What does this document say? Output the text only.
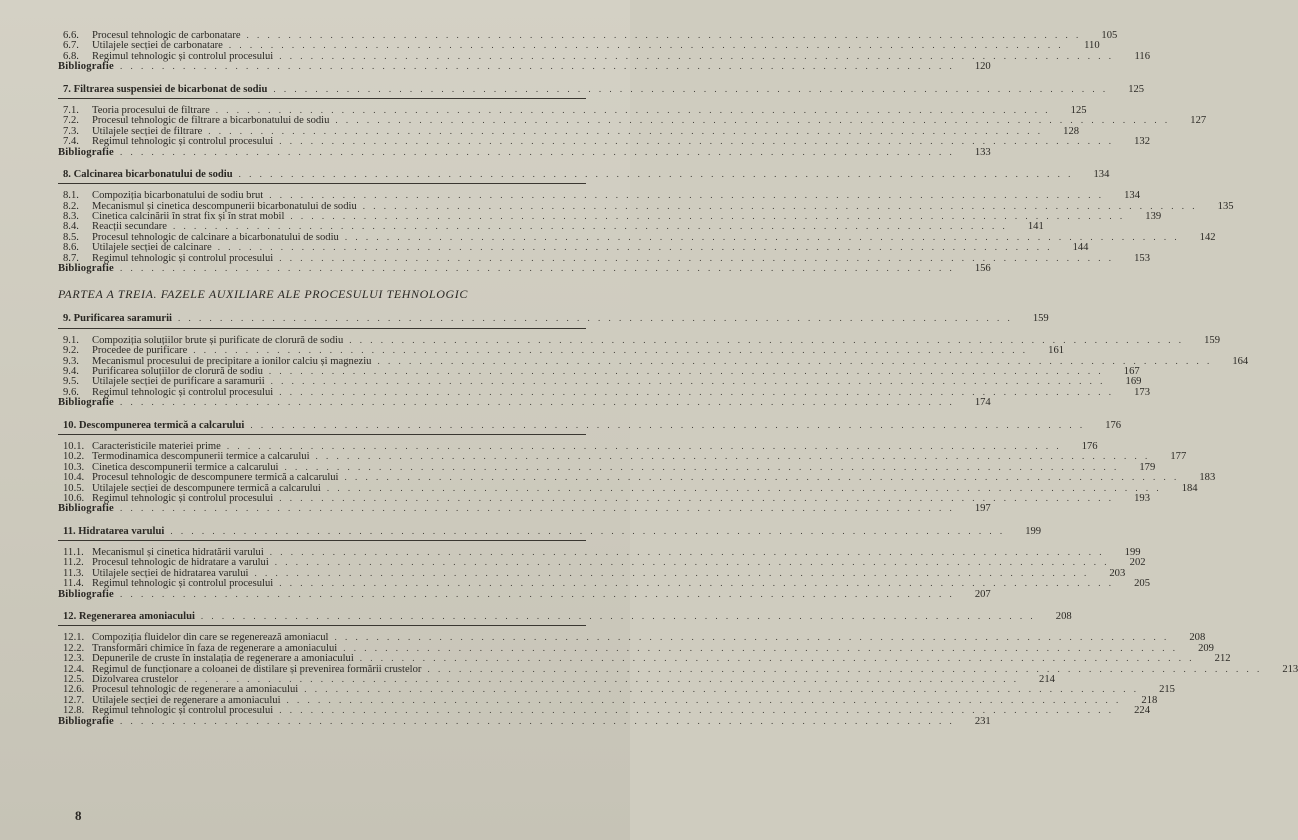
6.6.	Procesul tehnologic de carbonatare . . . . . . . . . . . . . . . . . . . . . . . . . . . . . . . . . . . . . . . . . . . . . . . . . . . . . . . . . . . . . . . . . . . . . . . . . . . . . . . .	105
6.7.	Utilajele secției de carbonatare . . . . . . . . . . . . . . . . . . . . . . . . . . . . . . . . . . . . . . . . . . . . . . . . . . . . . . . . . . . . . . . . . . . . . . . . . . . . . . . .	110
6.8.	Regimul tehnologic și controlul procesului . . . . . . . . . . . . . . . . . . . . . . . . . . . . . . . . . . . . . . . . . . . . . . . . . . . . . . . . . . . . . . . . . . . . . . . . . . . . . . . .	116
Bibliografie . . . . . . . . . . . . . . . . . . . . . . . . . . . . . . . . . . . . . . . . . . . . . . . . . . . . . . . . . . . . . . . . . . . . . . . . . . . . . . . .	120
7. Filtrarea suspensiei de bicarbonat de sodiu . . . . . . . . . . . . . . . . . . . . . . . . . . . . . . . . . . . . . . . . . . . . . . . . . . . . . . . . . . . . . . . . . . . . . . . . . . . . . . . .	125
7.1.	Teoria procesului de filtrare . . . . . . . . . . . . . . . . . . . . . . . . . . . . . . . . . . . . . . . . . . . . . . . . . . . . . . . . . . . . . . . . . . . . . . . . . . . . . . . .	125
7.2.	Procesul tehnologic de filtrare a bicarbonatului de sodiu . . . . . . . . . . . . . . . . . . . . . . . . . . . . . . . . . . . . . . . . . . . . . . . . . . . . . . . . . . . . . . . . . . . . . . . . . . . . . . . .	127
7.3.	Utilajele secției de filtrare . . . . . . . . . . . . . . . . . . . . . . . . . . . . . . . . . . . . . . . . . . . . . . . . . . . . . . . . . . . . . . . . . . . . . . . . . . . . . . . .	128
7.4.	Regimul tehnologic și controlul procesului . . . . . . . . . . . . . . . . . . . . . . . . . . . . . . . . . . . . . . . . . . . . . . . . . . . . . . . . . . . . . . . . . . . . . . . . . . . . . . . .	132
Bibliografie . . . . . . . . . . . . . . . . . . . . . . . . . . . . . . . . . . . . . . . . . . . . . . . . . . . . . . . . . . . . . . . . . . . . . . . . . . . . . . . .	133
8. Calcinarea bicarbonatului de sodiu . . . . . . . . . . . . . . . . . . . . . . . . . . . . . . . . . . . . . . . . . . . . . . . . . . . . . . . . . . . . . . . . . . . . . . . . . . . . . . . .	134
8.1.	Compoziția bicarbonatului de sodiu brut . . . . . . . . . . . . . . . . . . . . . . . . . . . . . . . . . . . . . . . . . . . . . . . . . . . . . . . . . . . . . . . . . . . . . . . . . . . . . . . .	134
8.2.	Mecanismul și cinetica descompunerii bicarbonatului de sodiu . . . . . . . . . . . . . . . . . . . . . . . . . . . . . . . . . . . . . . . . . . . . . . . . . . . . . . . . . . . . . . . . . . . . . . . . . . . . . . . .	135
8.3.	Cinetica calcinării în strat fix și în strat mobil . . . . . . . . . . . . . . . . . . . . . . . . . . . . . . . . . . . . . . . . . . . . . . . . . . . . . . . . . . . . . . . . . . . . . . . . . . . . . . . .	139
8.4.	Reacții secundare . . . . . . . . . . . . . . . . . . . . . . . . . . . . . . . . . . . . . . . . . . . . . . . . . . . . . . . . . . . . . . . . . . . . . . . . . . . . . . . .	141
8.5.	Procesul tehnologic de calcinare a bicarbonatului de sodiu . . . . . . . . . . . . . . . . . . . . . . . . . . . . . . . . . . . . . . . . . . . . . . . . . . . . . . . . . . . . . . . . . . . . . . . . . . . . . . . .	142
8.6.	Utilajele secției de calcinare . . . . . . . . . . . . . . . . . . . . . . . . . . . . . . . . . . . . . . . . . . . . . . . . . . . . . . . . . . . . . . . . . . . . . . . . . . . . . . . .	144
8.7.	Regimul tehnologic și controlul procesului . . . . . . . . . . . . . . . . . . . . . . . . . . . . . . . . . . . . . . . . . . . . . . . . . . . . . . . . . . . . . . . . . . . . . . . . . . . . . . . .	153
Bibliografie . . . . . . . . . . . . . . . . . . . . . . . . . . . . . . . . . . . . . . . . . . . . . . . . . . . . . . . . . . . . . . . . . . . . . . . . . . . . . . . .	156
PARTEA A TREIA. FAZELE AUXILIARE ALE PROCESULUI TEHNOLOGIC
9. Purificarea saramurii . . . . . . . . . . . . . . . . . . . . . . . . . . . . . . . . . . . . . . . . . . . . . . . . . . . . . . . . . . . . . . . . . . . . . . . . . . . . . . . .	159
9.1.	Compoziția soluțiilor brute și purificate de clorură de sodiu . . . . . . . . . . . . . . . . . . . . . . . . . . . . . . . . . . . . . . . . . . . . . . . . . . . . . . . . . . . . . . . . . . . . . . . . . . . . . . . .	159
9.2.	Procedee de purificare . . . . . . . . . . . . . . . . . . . . . . . . . . . . . . . . . . . . . . . . . . . . . . . . . . . . . . . . . . . . . . . . . . . . . . . . . . . . . . . .	161
9.3.	Mecanismul procesului de precipitare a ionilor calciu și magneziu . . . . . . . . . . . . . . . . . . . . . . . . . . . . . . . . . . . . . . . . . . . . . . . . . . . . . . . . . . . . . . . . . . . . . . . . . . . . . . . .	164
9.4.	Purificarea soluțiilor de clorură de sodiu . . . . . . . . . . . . . . . . . . . . . . . . . . . . . . . . . . . . . . . . . . . . . . . . . . . . . . . . . . . . . . . . . . . . . . . . . . . . . . . .	167
9.5.	Utilajele secției de purificare a saramurii . . . . . . . . . . . . . . . . . . . . . . . . . . . . . . . . . . . . . . . . . . . . . . . . . . . . . . . . . . . . . . . . . . . . . . . . . . . . . . . .	169
9.6.	Regimul tehnologic și controlul procesului . . . . . . . . . . . . . . . . . . . . . . . . . . . . . . . . . . . . . . . . . . . . . . . . . . . . . . . . . . . . . . . . . . . . . . . . . . . . . . . .	173
Bibliografie . . . . . . . . . . . . . . . . . . . . . . . . . . . . . . . . . . . . . . . . . . . . . . . . . . . . . . . . . . . . . . . . . . . . . . . . . . . . . . . .	174
10. Descompunerea termică a calcarului . . . . . . . . . . . . . . . . . . . . . . . . . . . . . . . . . . . . . . . . . . . . . . . . . . . . . . . . . . . . . . . . . . . . . . . . . . . . . . . .	176
10.1. Caracteristicile materiei prime . . . . . . . . . . . . . . . . . . . . . . . . . . . . . . . . . . . . . . . . . . . . . . . . . . . . . . . . . . . . . . . . . . . . . . . . . . . . . . . .	176
10.2. Termodinamica descompunerii termice a calcarului . . . . . . . . . . . . . . . . . . . . . . . . . . . . . . . . . . . . . . . . . . . . . . . . . . . . . . . . . . . . . . . . . . . . . . . . . . . . . . . .	177
10.3. Cinetica descompunerii termice a calcarului . . . . . . . . . . . . . . . . . . . . . . . . . . . . . . . . . . . . . . . . . . . . . . . . . . . . . . . . . . . . . . . . . . . . . . . . . . . . . . . .	179
10.4. Procesul tehnologic de descompunere termică a calcarului . . . . . . . . . . . . . . . . . . . . . . . . . . . . . . . . . . . . . . . . . . . . . . . . . . . . . . . . . . . . . . . . . . . . . . . . . . . . . . . .	183
10.5. Utilajele secției de descompunere termică a calcarului . . . . . . . . . . . . . . . . . . . . . . . . . . . . . . . . . . . . . . . . . . . . . . . . . . . . . . . . . . . . . . . . . . . . . . . . . . . . . . . .	184
10.6. Regimul tehnologic și controlul procesului . . . . . . . . . . . . . . . . . . . . . . . . . . . . . . . . . . . . . . . . . . . . . . . . . . . . . . . . . . . . . . . . . . . . . . . . . . . . . . . .	193
Bibliografie . . . . . . . . . . . . . . . . . . . . . . . . . . . . . . . . . . . . . . . . . . . . . . . . . . . . . . . . . . . . . . . . . . . . . . . . . . . . . . . .	197
11. Hidratarea varului . . . . . . . . . . . . . . . . . . . . . . . . . . . . . . . . . . . . . . . . . . . . . . . . . . . . . . . . . . . . . . . . . . . . . . . . . . . . . . . .	199
11.1. Mecanismul și cinetica hidratării varului . . . . . . . . . . . . . . . . . . . . . . . . . . . . . . . . . . . . . . . . . . . . . . . . . . . . . . . . . . . . . . . . . . . . . . . . . . . . . . . .	199
11.2. Procesul tehnologic de hidratare a varului . . . . . . . . . . . . . . . . . . . . . . . . . . . . . . . . . . . . . . . . . . . . . . . . . . . . . . . . . . . . . . . . . . . . . . . . . . . . . . . .	202
11.3. Utilajele secției de hidratarea varului . . . . . . . . . . . . . . . . . . . . . . . . . . . . . . . . . . . . . . . . . . . . . . . . . . . . . . . . . . . . . . . . . . . . . . . . . . . . . . . .	203
11.4. Regimul tehnologic și controlul procesului . . . . . . . . . . . . . . . . . . . . . . . . . . . . . . . . . . . . . . . . . . . . . . . . . . . . . . . . . . . . . . . . . . . . . . . . . . . . . . . .	205
Bibliografie . . . . . . . . . . . . . . . . . . . . . . . . . . . . . . . . . . . . . . . . . . . . . . . . . . . . . . . . . . . . . . . . . . . . . . . . . . . . . . . .	207
12. Regenerarea amoniacului . . . . . . . . . . . . . . . . . . . . . . . . . . . . . . . . . . . . . . . . . . . . . . . . . . . . . . . . . . . . . . . . . . . . . . . . . . . . . . . .	208
12.1. Compoziția fluidelor din care se regenerează amoniacul . . . . . . . . . . . . . . . . . . . . . . . . . . . . . . . . . . . . . . . . . . . . . . . . . . . . . . . . . . . . . . . . . . . . . . . . . . . . . . . .	208
12.2. Transformări chimice în faza de regenerare a amoniacului . . . . . . . . . . . . . . . . . . . . . . . . . . . . . . . . . . . . . . . . . . . . . . . . . . . . . . . . . . . . . . . . . . . . . . . . . . . . . . . .	209
12.3. Depunerile de cruste în instalația de regenerare a amoniacului . . . . . . . . . . . . . . . . . . . . . . . . . . . . . . . . . . . . . . . . . . . . . . . . . . . . . . . . . . . . . . . . . . . . . . . . . . . . . . . .	212
12.4. Regimul de funcționare a coloanei de distilare și prevenirea formării crustelor . . . . . . . . . . . . . . . . . . . . . . . . . . . . . . . . . . . . . . . . . . . . . . . . . . . . . . . . . . . . . . . . . . . . . . . . . . . . . . . .	213
12.5. Dizolvarea crustelor . . . . . . . . . . . . . . . . . . . . . . . . . . . . . . . . . . . . . . . . . . . . . . . . . . . . . . . . . . . . . . . . . . . . . . . . . . . . . . . .	214
12.6. Procesul tehnologic de regenerare a amoniacului . . . . . . . . . . . . . . . . . . . . . . . . . . . . . . . . . . . . . . . . . . . . . . . . . . . . . . . . . . . . . . . . . . . . . . . . . . . . . . . .	215
12.7. Utilajele secției de regenerare a amoniacului . . . . . . . . . . . . . . . . . . . . . . . . . . . . . . . . . . . . . . . . . . . . . . . . . . . . . . . . . . . . . . . . . . . . . . . . . . . . . . . .	218
12.8. Regimul tehnologic și controlul procesului . . . . . . . . . . . . . . . . . . . . . . . . . . . . . . . . . . . . . . . . . . . . . . . . . . . . . . . . . . . . . . . . . . . . . . . . . . . . . . . .	224
Bibliografie . . . . . . . . . . . . . . . . . . . . . . . . . . . . . . . . . . . . . . . . . . . . . . . . . . . . . . . . . . . . . . . . . . . . . . . . . . . . . . . .	231
8
